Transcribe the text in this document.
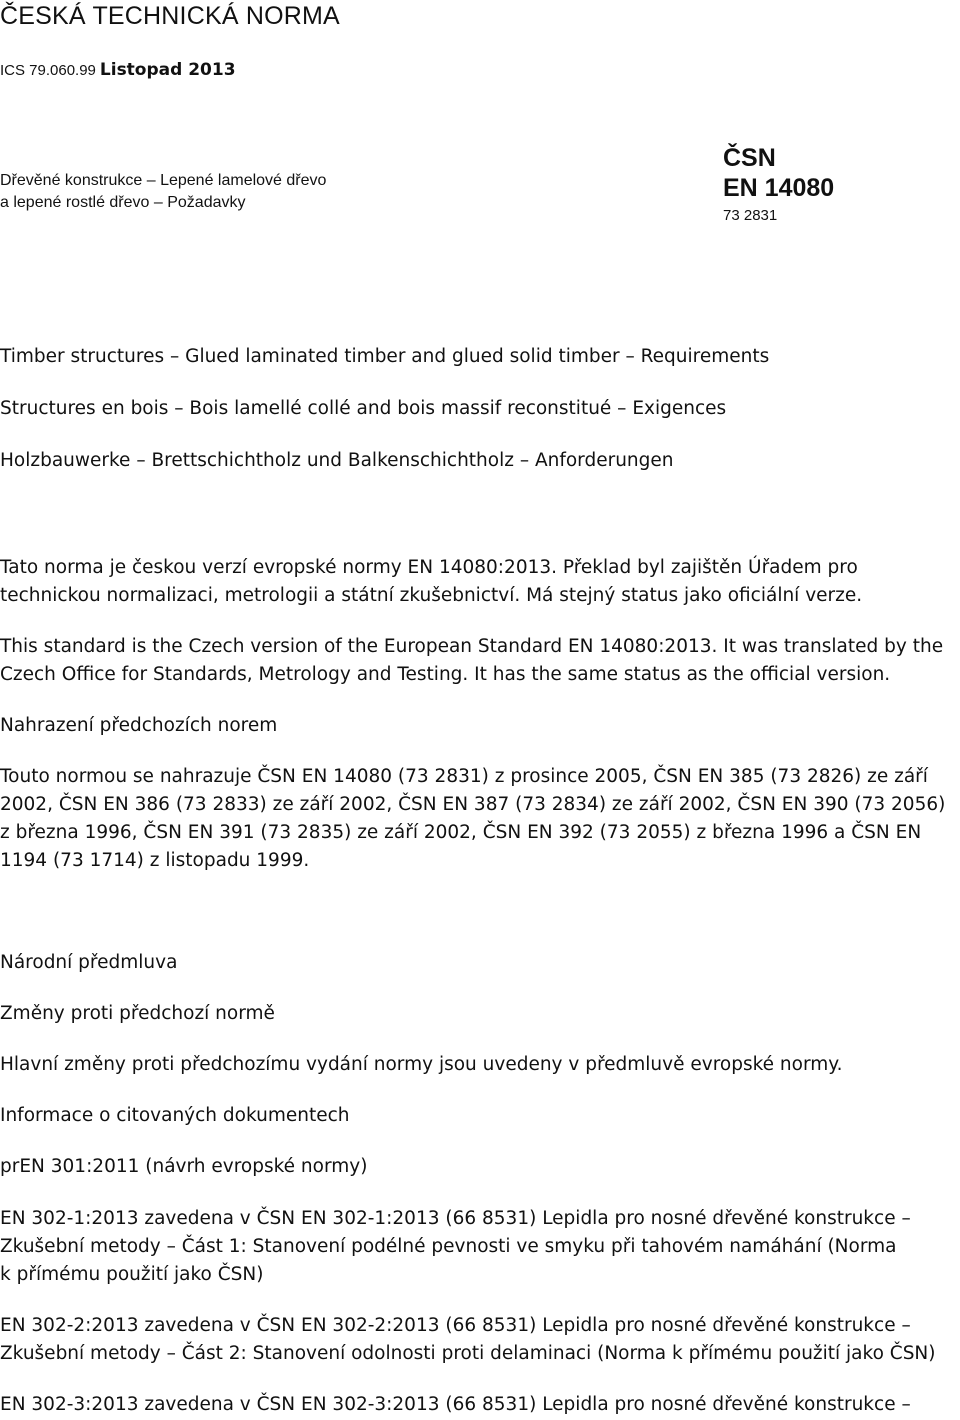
ČESKÁ TECHNICKÁ NORMA
ICS 79.060.99 Listopad 2013
Dřevěné konstrukce – Lepené lamelové dřevo
a lepené rostlé dřevo – Požadavky
ČSN
EN 14080
73 2831
Timber structures – Glued laminated timber and glued solid timber – Requirements
Structures en bois – Bois lamellé collé and bois massif reconstitué – Exigences
Holzbauwerke – Brettschichtholz und Balkenschichtholz – Anforderungen
Tato norma je českou verzí evropské normy EN 14080:2013. Překlad byl zajištěn Úřadem pro
technickou normalizaci, metrologii a státní zkušebnictví. Má stejný status jako oficiální verze.
This standard is the Czech version of the European Standard EN 14080:2013. It was translated by the
Czech Office for Standards, Metrology and Testing. It has the same status as the official version.
Nahrazení předchozích norem
Touto normou se nahrazuje ČSN EN 14080 (73 2831) z prosince 2005, ČSN EN 385 (73 2826) ze září
2002, ČSN EN 386 (73 2833) ze září 2002, ČSN EN 387 (73 2834) ze září 2002, ČSN EN 390 (73 2056)
z března 1996, ČSN EN 391 (73 2835) ze září 2002, ČSN EN 392 (73 2055) z března 1996 a ČSN EN
1194 (73 1714) z listopadu 1999.
Národní předmluva
Změny proti předchozí normě
Hlavní změny proti předchozímu vydání normy jsou uvedeny v předmluvě evropské normy.
Informace o citovaných dokumentech
prEN 301:2011 (návrh evropské normy)
EN 302-1:2013 zavedena v ČSN EN 302-1:2013 (66 8531) Lepidla pro nosné dřevěné konstrukce –
Zkušební metody – Část 1: Stanovení podélné pevnosti ve smyku při tahovém namáhání (Norma
k přímému použití jako ČSN)
EN 302-2:2013 zavedena v ČSN EN 302-2:2013 (66 8531) Lepidla pro nosné dřevěné konstrukce –
Zkušební metody – Část 2: Stanovení odolnosti proti delaminaci (Norma k přímému použití jako ČSN)
EN 302-3:2013 zavedena v ČSN EN 302-3:2013 (66 8531) Lepidla pro nosné dřevěné konstrukce –
